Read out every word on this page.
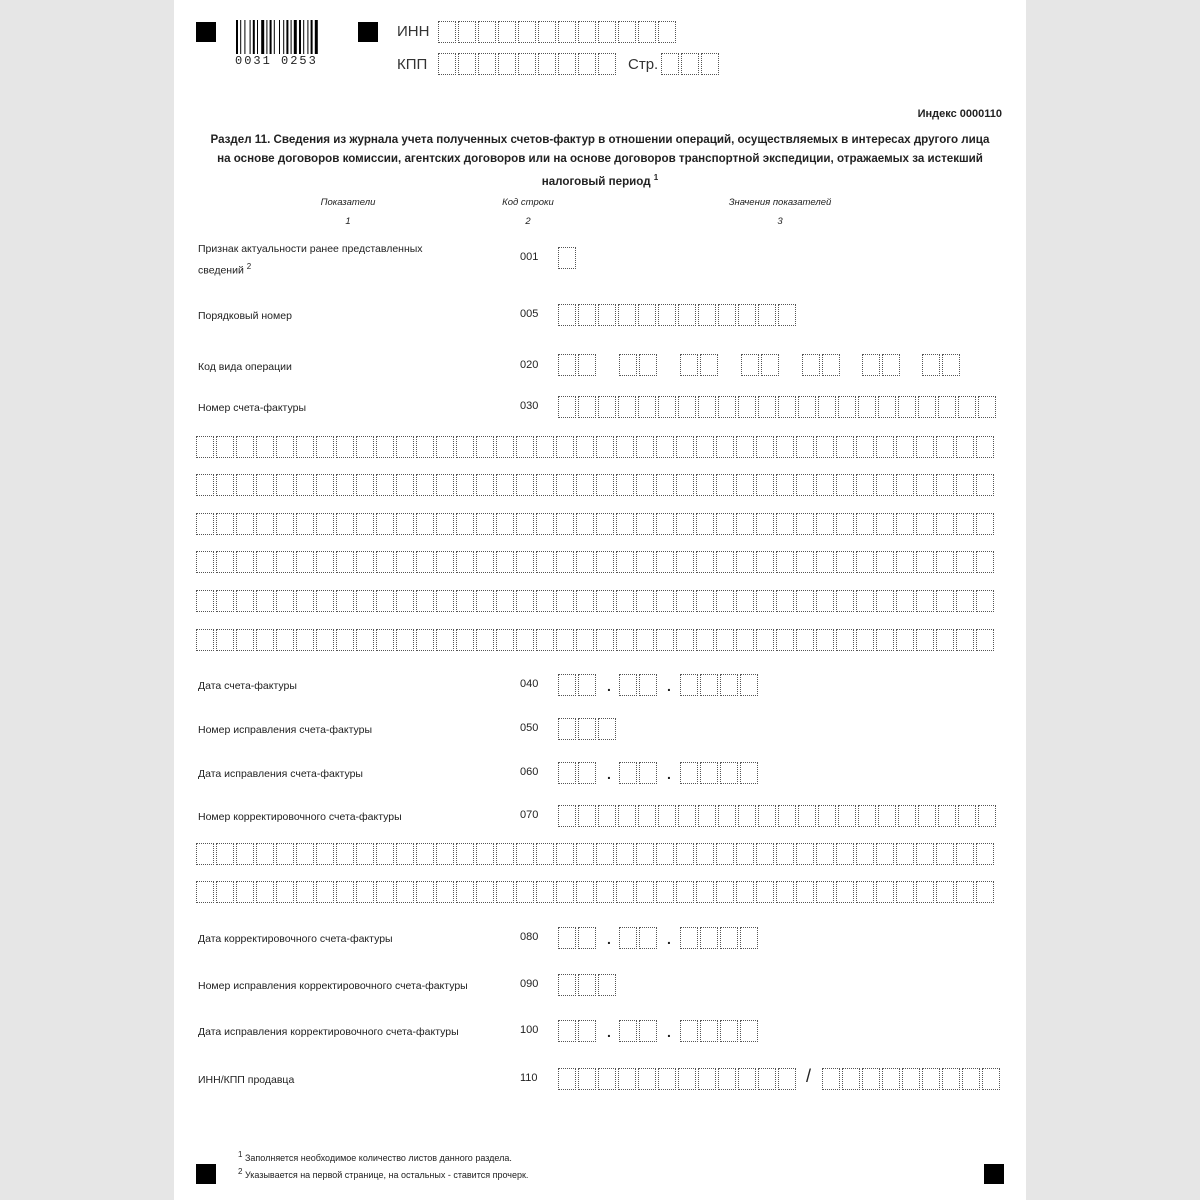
0031 0253
ИНН
КПП	Стр.
Индекс 0000110
Раздел 11. Сведения из журнала учета полученных счетов-фактур в отношении операций, осуществляемых в интересах другого лица
на основе договоров комиссии, агентских договоров или на основе договоров транспортной экспедиции, отражаемых за истекший
налоговый период $^1$
Показатели	Код строки	Значения показателей
1	2	3
Признак актуальности ранее представленных
сведений $^2$
001
Порядковый номер	005
Код вида операции	020
Номер счета-фактуры	030
Дата счета-фактуры	040	.	.
Номер исправления счета-фактуры	050
Дата исправления счета-фактуры	060	.	.
Номер корректировочного счета-фактуры	070
Дата корректировочного счета-фактуры	080	.	.
Номер исправления корректировочного счета-фактуры	090
Дата исправления корректировочного счета-фактуры	100	.	.
ИНН/КПП продавца	110	/
$^1$ Заполняется необходимое количество листов данного раздела.
$^2$ Указывается на первой странице, на остальных - ставится прочерк.
